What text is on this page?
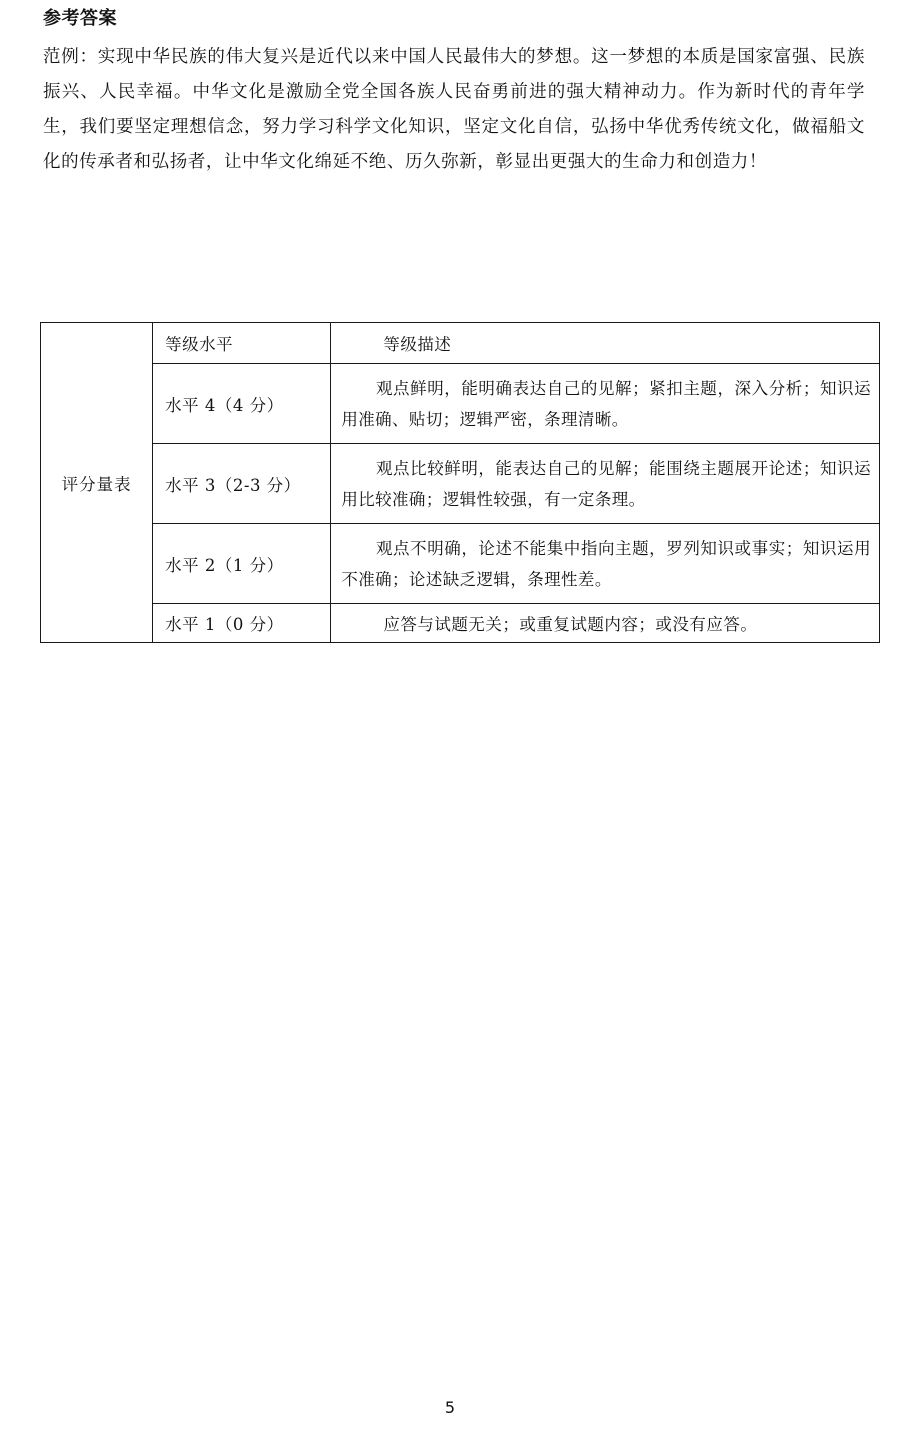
参考答案

范例：实现中华民族的伟大复兴是近代以来中国人民最伟大的梦想。这一梦想的本质是国家富强、民族振兴、人民幸福。中华文化是激励全党全国各族人民奋勇前进的强大精神动力。作为新时代的青年学生，我们要坚定理想信念，努力学习科学文化知识，坚定文化自信，弘扬中华优秀传统文化，做福船文化的传承者和弘扬者，让中华文化绵延不绝、历久弥新，彰显出更强大的生命力和创造力！

评分量表	等级水平	等级描述
	水平 4（4 分）	观点鲜明，能明确表达自己的见解；紧扣主题，深入分析；知识运用准确、贴切；逻辑严密，条理清晰。
	水平 3（2-3 分）	观点比较鲜明，能表达自己的见解；能围绕主题展开论述；知识运用比较准确；逻辑性较强，有一定条理。
	水平 2（1 分）	观点不明确，论述不能集中指向主题，罗列知识或事实；知识运用不准确；论述缺乏逻辑，条理性差。
	水平 1（0 分）	应答与试题无关；或重复试题内容；或没有应答。
5
